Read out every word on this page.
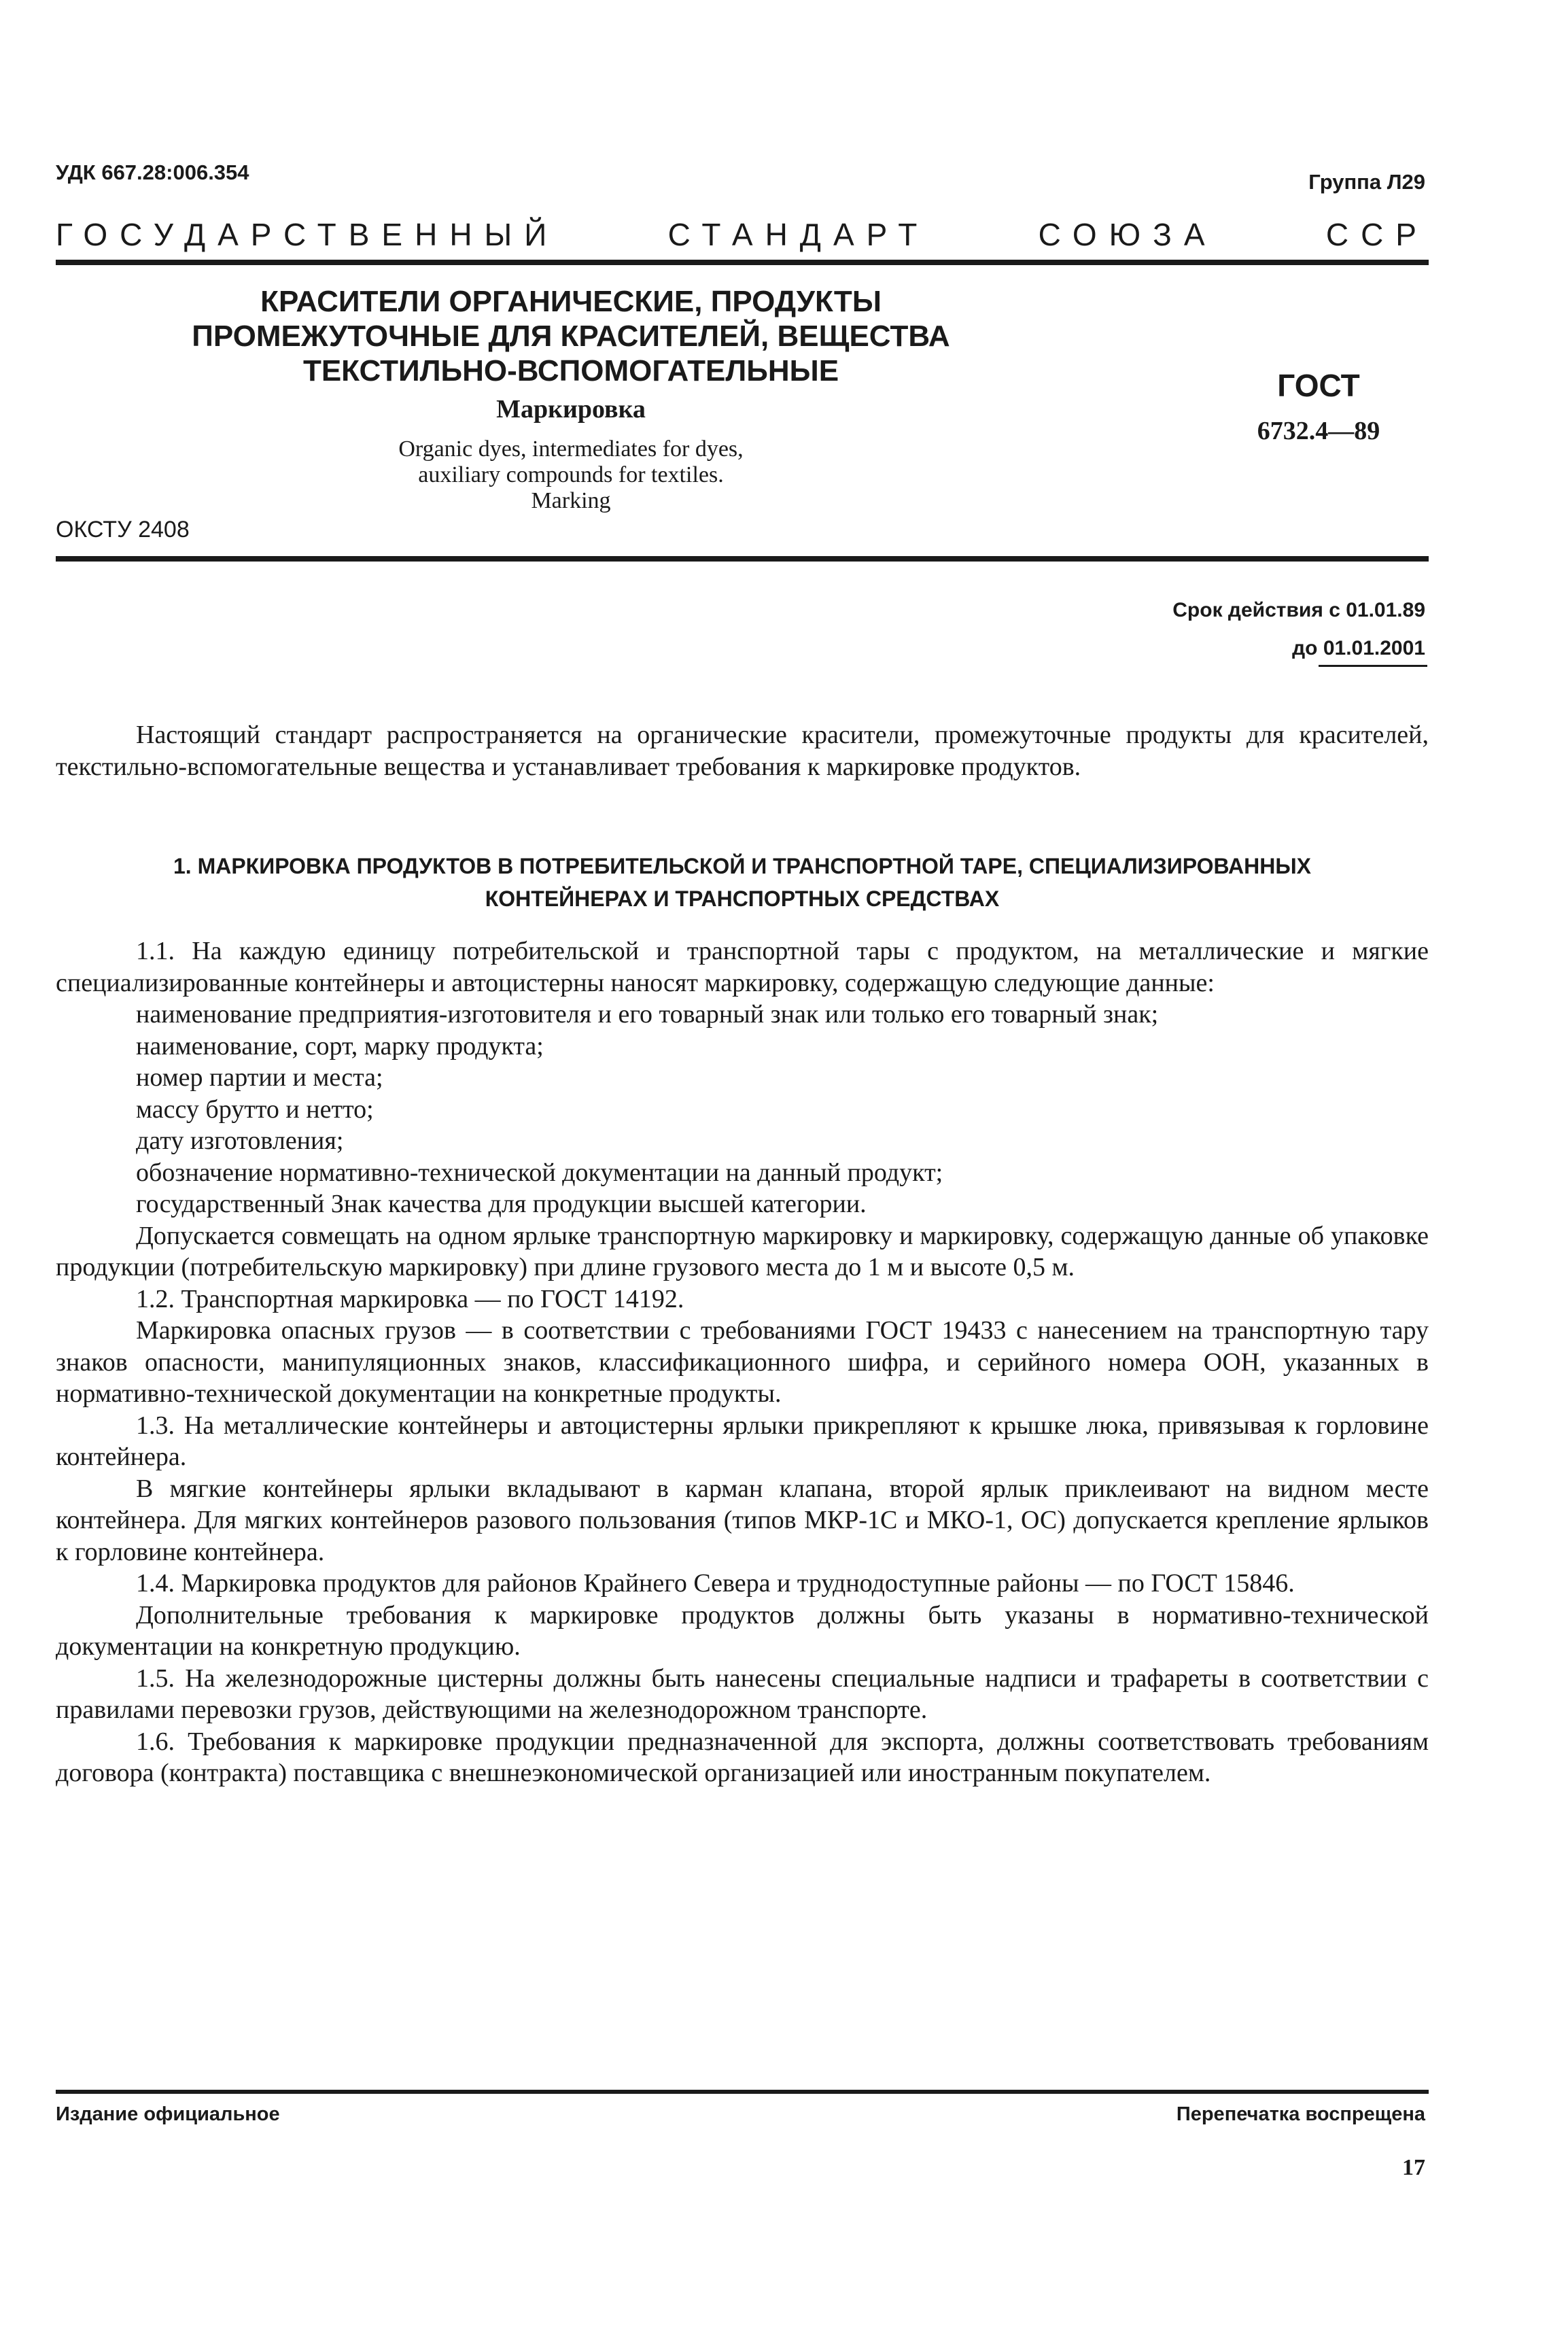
УДК 667.28:006.354	Группа Л29
ГОСУДАРСТВЕННЫЙ	СТАНДАРТ	СОЮЗА	ССР
КРАСИТЕЛИ ОРГАНИЧЕСКИЕ, ПРОДУКТЫ
ПРОМЕЖУТОЧНЫЕ ДЛЯ КРАСИТЕЛЕЙ, ВЕЩЕСТВА
ТЕКСТИЛЬНО-ВСПОМОГАТЕЛЬНЫЕ
Маркировка
Organic dyes, intermediates for dyes,
auxiliary compounds for textiles.
Marking
ГОСТ
6732.4—89
ОКСТУ 2408
Срок действия с 01.01.89
до 01.01.2001

Настоящий стандарт распространяется на органические красители, промежуточные продукты для красителей, текстильно-вспомогательные вещества и устанавливает требования к маркировке продуктов.

1. МАРКИРОВКА ПРОДУКТОВ В ПОТРЕБИТЕЛЬСКОЙ И ТРАНСПОРТНОЙ ТАРЕ, СПЕЦИАЛИЗИРОВАННЫХ
КОНТЕЙНЕРАХ И ТРАНСПОРТНЫХ СРЕДСТВАХ

1.1. На каждую единицу потребительской и транспортной тары с продуктом, на металлические и мягкие специализированные контейнеры и автоцистерны наносят маркировку, содержащую следующие данные:

наименование предприятия-изготовителя и его товарный знак или только его товарный знак;

наименование, сорт, марку продукта;

номер партии и места;

массу брутто и нетто;

дату изготовления;

обозначение нормативно-технической документации на данный продукт;

государственный Знак качества для продукции высшей категории.

Допускается совмещать на одном ярлыке транспортную маркировку и маркировку, содержащую данные об упаковке продукции (потребительскую маркировку) при длине грузового места до 1 м и высоте 0,5 м.

1.2. Транспортная маркировка — по ГОСТ 14192.

Маркировка опасных грузов — в соответствии с требованиями ГОСТ 19433 с нанесением на транспортную тару знаков опасности, манипуляционных знаков, классификационного шифра, и серийного номера ООН, указанных в нормативно-технической документации на конкретные продукты.

1.3. На металлические контейнеры и автоцистерны ярлыки прикрепляют к крышке люка, привязывая к горловине контейнера.

В мягкие контейнеры ярлыки вкладывают в карман клапана, второй ярлык приклеивают на видном месте контейнера. Для мягких контейнеров разового пользования (типов МКР-1С и МКО-1, ОС) допускается крепление ярлыков к горловине контейнера.

1.4. Маркировка продуктов для районов Крайнего Севера и труднодоступные районы — по ГОСТ 15846.

Дополнительные требования к маркировке продуктов должны быть указаны в нормативно-технической документации на конкретную продукцию.

1.5. На железнодорожные цистерны должны быть нанесены специальные надписи и трафареты в соответствии с правилами перевозки грузов, действующими на железнодорожном транспорте.

1.6. Требования к маркировке продукции предназначенной для экспорта, должны соответствовать требованиям договора (контракта) поставщика с внешнеэкономической организацией или иностранным покупателем.

Издание официальное	Перепечатка воспрещена
17
